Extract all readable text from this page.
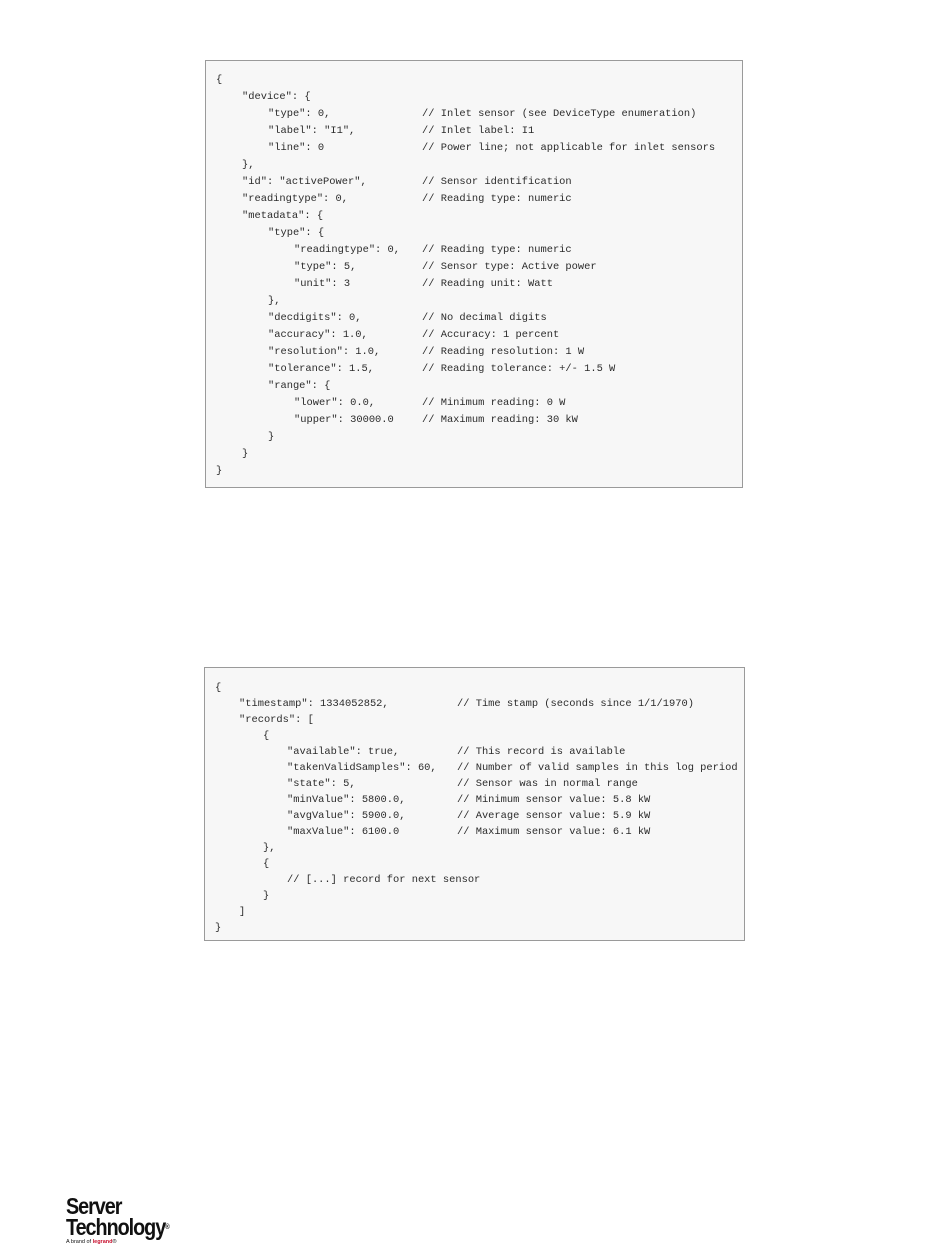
{
"device": {
"type": 0,	// Inlet sensor (see DeviceType enumeration)
"label": "I1",	// Inlet label: I1
"line": 0	// Power line; not applicable for inlet sensors
},
"id": "activePower",	// Sensor identification
"readingtype": 0,	// Reading type: numeric
"metadata": {
"type": {
"readingtype": 0, // Reading type: numeric
"type": 5,	// Sensor type: Active power
"unit": 3	// Reading unit: Watt
},
"decdigits": 0,	// No decimal digits
"accuracy": 1.0,	// Accuracy: 1 percent
"resolution": 1.0,	// Reading resolution: 1 W
"tolerance": 1.5,	// Reading tolerance: +/- 1.5 W
"range": {
"lower": 0.0,	// Minimum reading: 0 W
"upper": 30000.0	// Maximum reading: 30 kW
}
}
}
{
"timestamp": 1334052852,	// Time stamp (seconds since 1/1/1970)
"records": [
{
"available": true,	// This record is available
"takenValidSamples": 60, // Number of valid samples in this log period
"state": 5,	// Sensor was in normal range
"minValue": 5800.0,	// Minimum sensor value: 5.8 kW
"avgValue": 5900.0,	// Average sensor value: 5.9 kW
"maxValue": 6100.0	// Maximum sensor value: 6.1 kW
},
{
// [...] record for next sensor
}
]
}
Server
Technology®
A brand of legrand®
